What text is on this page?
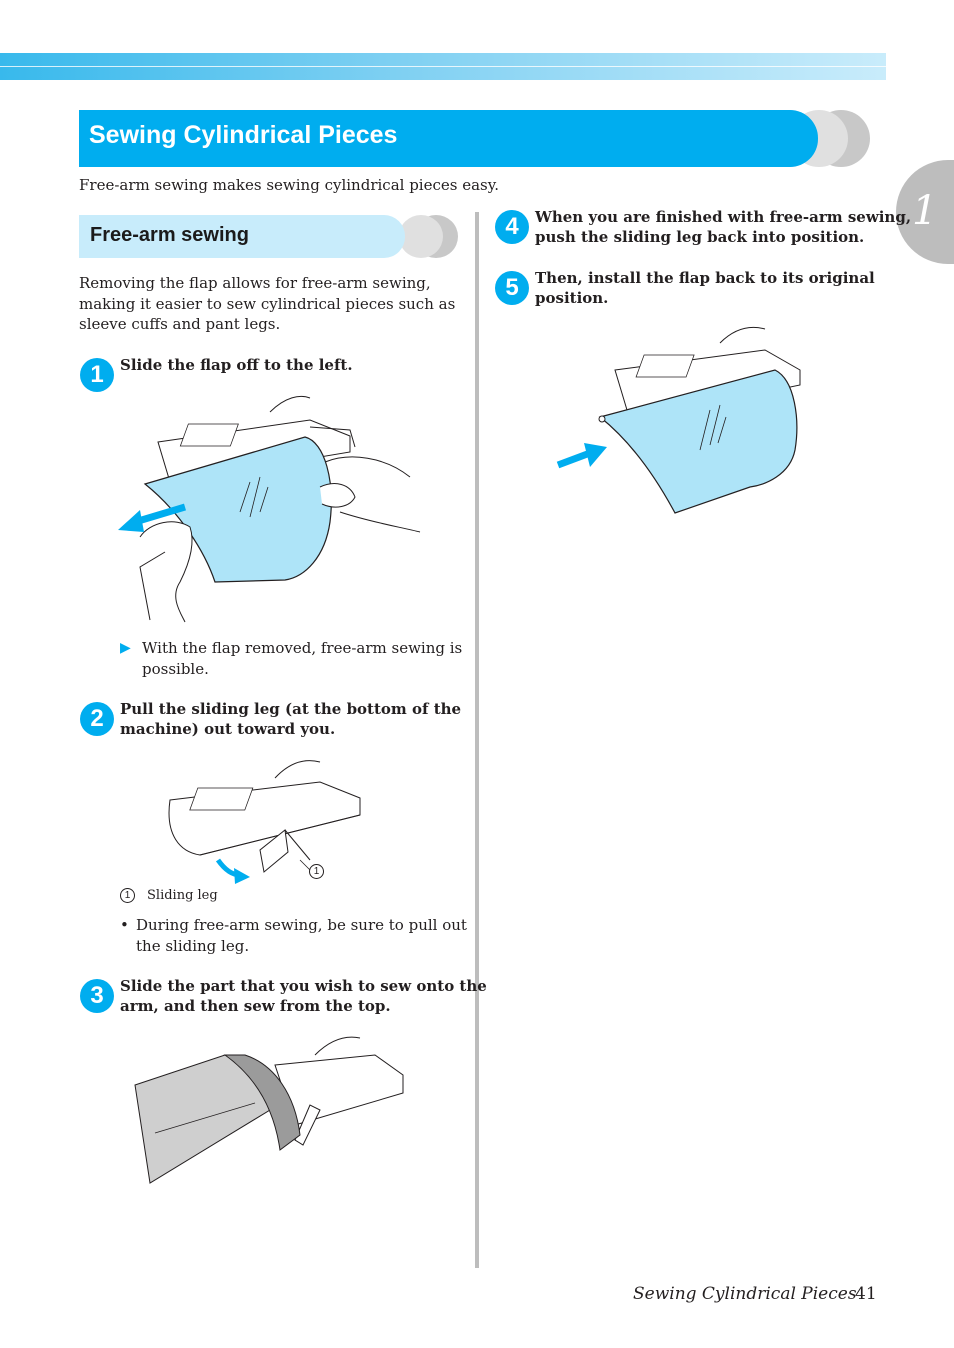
Sewing Cylindrical Pieces
1
Free-arm sewing makes sewing cylindrical pieces easy.
Free-arm sewing
Removing the flap allows for free-arm sewing,
making it easier to sew cylindrical pieces such as
sleeve cuffs and pant legs.
1	Slide the flap off to the left.
▶ With the flap removed, free-arm sewing is
possible.
2	Pull the sliding leg (at the bottom of the
machine) out toward you.
1
1	Sliding leg
• During free-arm sewing, be sure to pull out
the sliding leg.
3	Slide the part that you wish to sew onto the
arm, and then sew from the top.
4	When you are finished with free-arm sewing,
push the sliding leg back into position.
5	Then, install the flap back to its original
position.
Sewing Cylindrical Pieces
41
